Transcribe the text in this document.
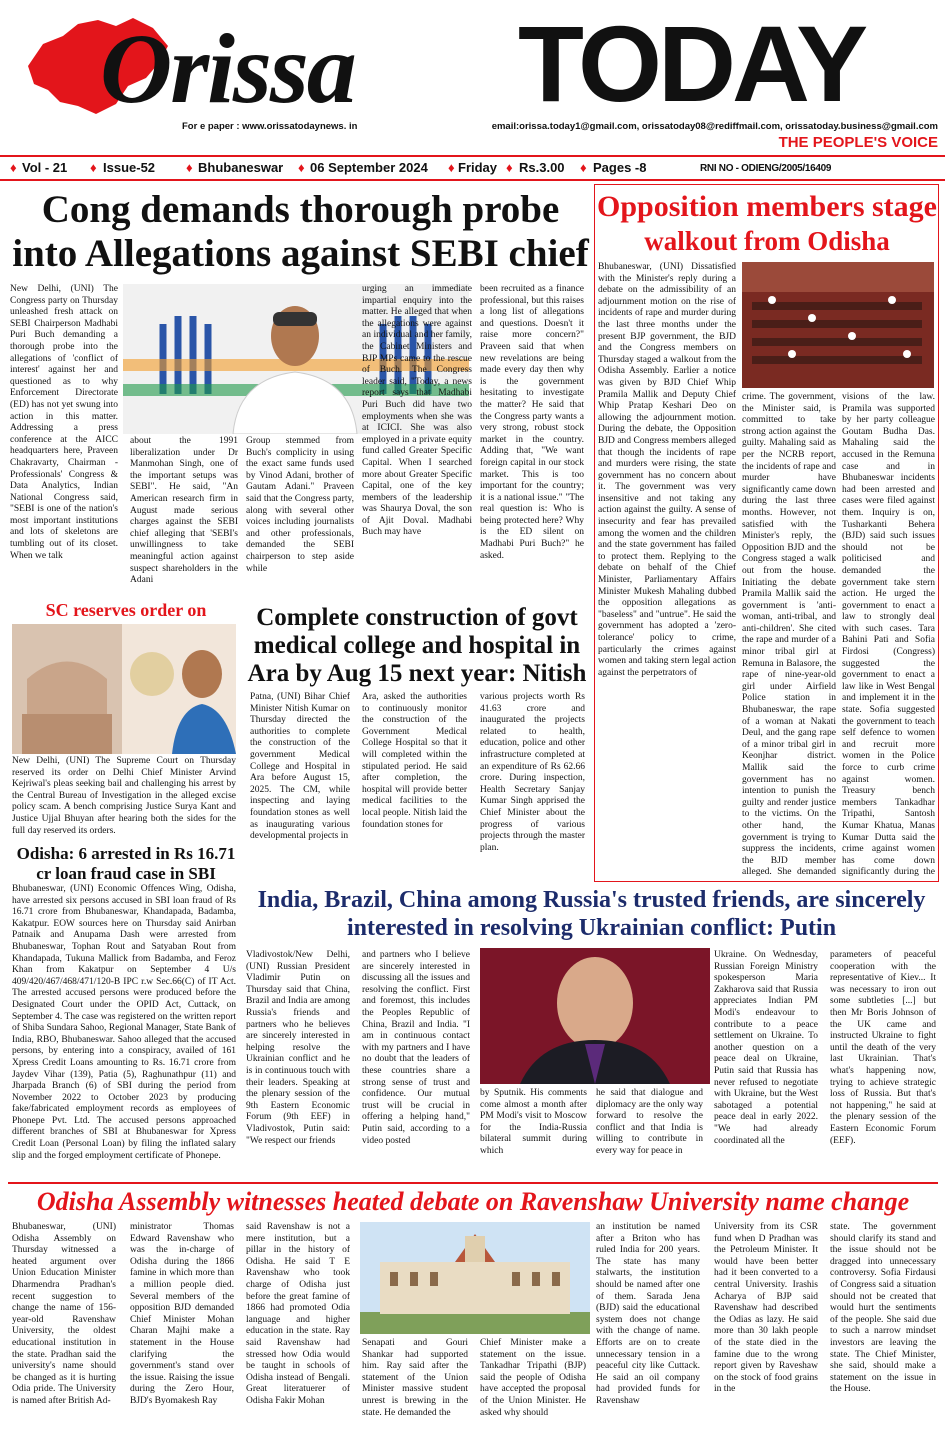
Orissa	TODAY
For e paper : www.orissatodaynews. in	email:orissa.today1@gmail.com, orissatoday08@rediffmail.com, orissatoday.business@gmail.com
THE PEOPLE'S VOICE
♦ Vol - 21 ♦ Issue-52 ♦ Bhubaneswar ♦ 06 September 2024 ♦ Friday ♦ Rs.3.00 ♦ Pages -8	RNI NO - ODIENG/2005/16409
Cong demands thorough probe into Allegations against SEBI chief
New Delhi, (UNI) The Congress party on Thursday unleashed fresh attack on SEBI Chairperson Madhabi Puri Buch demanding a thorough probe into the allegations of 'conflict of interest' against her and questioned as to why Enforcement Directorate (ED) has not yet swung into action in this matter. Addressing a press conference at the AICC headquarters here, Praveen Chakravarty, Chairman - Professionals' Congress & Data Analytics, Indian National Congress said, "SEBI is one of the nation's most important institutions and lots of skeletons are tumbling out of its closet. When we talk
about the 1991 liberalization under Dr Manmohan Singh, one of the important setups was SEBI". He said, "An American research firm in August made serious charges against the SEBI chief alleging that 'SEBI's unwillingness to take meaningful action against suspect shareholders in the Adani
Group stemmed from Buch's complicity in using the exact same funds used by Vinod Adani, brother of Gautam Adani." Praveen said that the Congress party, along with several other voices including journalists and other professionals, demanded the SEBI chairperson to step aside while
urging an immediate impartial enquiry into the matter. He alleged that when the allegations were against an individual and her family, the Cabinet Ministers and BJP MPs came to the rescue of Buch. The Congress leader said, "Today, a news report says that Madhabi Puri Buch did have two employments when she was at ICICI. She was also employed in a private equity fund called Greater Specific Capital. When I searched more about Greater Specific Capital, one of the key members of the leadership was Shaurya Doval, the son of Ajit Doval. Madhabi Buch may have
been recruited as a finance professional, but this raises a long list of allegations and questions. Doesn't it raise more concern?" Praveen said that when new revelations are being made every day then why is the government hesitating to investigate the matter? He said that the Congress party wants a very strong, robust stock market in the country. Adding that, "We want foreign capital in our stock market. This is too important for the country; it is a national issue." "The real question is: Who is being protected here? Why is the ED silent on Madhabi Puri Buch?" he asked.
Opposition members stage
walkout from Odisha
Bhubaneswar, (UNI) Dissatisfied with the Minister's reply during a debate on the admissibility of an adjournment motion on the rise of incidents of rape and murder during the last three months under the present BJP government, the BJD and the Congress members on Thursday staged a walkout from the Odisha Assembly. Earlier a notice was given by BJD Chief Whip Pramila Mallik and Deputy Chief Whip Pratap Keshari Deo on allowing the adjournment motion. During the debate, the Opposition BJD and Congress members alleged that though the incidents of rape and murders were rising, the state government has no concern about it. The government was very insensitive and not taking any action against the guilty. A sense of insecurity and fear has prevailed among the women and the children and the state government has failed to protect them. Replying to the debate on behalf of the Chief Minister, Parliamentary Affairs Minister Mukesh Mahaling dubbed the opposition allegations as "baseless" and "untrue". He said the government has adopted a 'zero-tolerance' policy to crime, particularly the crimes against women and taking stern legal action against the perpetrators of
crime. The government, the Minister said, is committed to take strong action against the guilty. Mahaling said as per the NCRB report, the incidents of rape and murder have significantly came down during the last three months. However, not satisfied with the Minister's reply, the Opposition BJD and the Congress staged a walk out from the house. Initiating the debate Pramila Mallik said the government is 'anti-woman, anti-tribal, and anti-children'. She cited the rape and murder of a minor tribal girl at Remuna in Balasore, the rape of nine-year-old girl under Airfield Police station in Bhubaneswar, the rape of a woman at Nakati Deul, and the gang rape of a minor tribal girl in Keonjhar district. Mallik said the government has no intention to punish the guilty and render justice to the victims. On the other hand, the government is trying to suppress the incidents, the BJD member alleged. She demanded
visions of the law. Pramila was supported by her party colleague Goutam Budha Das. Mahaling said the accused in the Remuna case and in Bhubaneswar incidents had been arrested and cases were filed against them. Inquiry is on, Tusharkanti Behera (BJD) said such issues should not be politicised and demanded the government take stern action. He urged the government to enact a law to strongly deal with such cases. Tara Bahini Pati and Sofia Firdosi (Congress) suggested the government to enact a law like in West Bengal and implement it in the state. Sofia suggested the government to teach self defence to women and recruit more women in the Police force to curb crime against women. Treasury bench members Tankadhar Tripathi, Santosh Kumar Khatua, Manas Kumar Dutta said the crime against women has come down significantly during the
SC reserves order on
New Delhi, (UNI) The Supreme Court on Thursday reserved its order on Delhi Chief Minister Arvind Kejriwal's pleas seeking bail and challenging his arrest by the Central Bureau of Investigation in the alleged excise policy scam. A bench comprising Justice Surya Kant and Justice Ujjal Bhuyan after hearing both the sides for the full day reserved its orders.
Odisha: 6 arrested in Rs 16.71 cr loan fraud case in SBI
Bhubaneswar, (UNI) Economic Offences Wing, Odisha, have arrested six persons accused in SBI loan fraud of Rs 16.71 crore from Bhubaneswar, Khandapada, Badamba, Kakatpur. EOW sources here on Thursday said Anirban Patnaik and Anupama Dash were arrested from Bhubaneswar, Tophan Rout and Satyaban Rout from Khandapada, Tukuna Mallick from Badamba, and Feroz Khan from Kakatpur on September 4 U/s 409/420/467/468/471/120-B IPC r.w Sec.66(C) of IT Act. The arrested accused persons were produced before the Designated Court under the OPID Act, Cuttack, on September 4. The case was registered on the written report of Shiba Sundara Sahoo, Regional Manager, State Bank of India, RBO, Bhubaneswar. Sahoo alleged that the accused persons, by entering into a conspiracy, availed of 161 Xpress Credit Loans amounting to Rs. 16.71 crore from Jaydev Vihar (139), Patia (5), Raghunathpur (11) and Jharpada Branch (6) of SBI during the period from November 2022 to October 2023 by producing fake/fabricated employment records as employees of Phonepe Pvt. Ltd. The accused persons approached different branches of SBI at Bhubaneswar for Xpress Credit Loan (Personal Loan) by filing the inflated salary slip and the forged employment certificate of Phonepe.
Complete construction of govt medical college and hospital in Ara by Aug 15 next year: Nitish
Patna, (UNI) Bihar Chief Minister Nitish Kumar on Thursday directed the authorities to complete the construction of the government Medical College and Hospital in Ara before August 15, 2025. The CM, while inspecting and laying foundation stones as well as inaugurating various developmental projects in
Ara, asked the authorities to continuously monitor the construction of the Government Medical College Hospital so that it will completed within the stipulated period. He said after completion, the hospital will provide better medical facilities to the local people. Nitish laid the foundation stones for
various projects worth Rs 41.63 crore and inaugurated the projects related to health, education, police and other infrastructure completed at an expenditure of Rs 62.66 crore. During inspection, Health Secretary Sanjay Kumar Singh apprised the Chief Minister about the progress of various projects through the master plan.
India, Brazil, China among Russia's trusted friends, are sincerely interested in resolving Ukrainian conflict: Putin
Vladivostok/New Delhi, (UNI) Russian President Vladimir Putin on Thursday said that China, Brazil and India are among Russia's friends and partners who he believes are sincerely interested in helping resolve the Ukrainian conflict and he is in continuous touch with their leaders. Speaking at the plenary session of the 9th Eastern Economic Forum (9th EEF) in Vladivostok, Putin said: "We respect our friends
and partners who I believe are sincerely interested in discussing all the issues and resolving the conflict. First and foremost, this includes the Peoples Republic of China, Brazil and India. "I am in continuous contact with my partners and I have no doubt that the leaders of these countries share a strong sense of trust and confidence. Our mutual trust will be crucial in offering a helping hand," Putin said, according to a video posted
by Sputnik. His comments come almost a month after PM Modi's visit to Moscow for the India-Russia bilateral summit during which
he said that dialogue and diplomacy are the only way forward to resolve the conflict and that India is willing to contribute in every way for peace in
Ukraine. On Wednesday, Russian Foreign Ministry spokesperson Maria Zakharova said that Russia appreciates Indian PM Modi's endeavour to contribute to a peace settlement on Ukraine. To another question on a peace deal on Ukraine, Putin said that Russia has never refused to negotiate with Ukraine, but the West sabotaged a potential peace deal in early 2022. "We had already coordinated all the
parameters of peaceful cooperation with the representative of Kiev... It was necessary to iron out some subtleties [...] but then Mr Boris Johnson of the UK came and instructed Ukraine to fight until the death of the very last Ukrainian. That's what's happening now, trying to achieve strategic loss of Russia. But that's not happening," he said at the plenary session of the Eastern Economic Forum (EEF).
Odisha Assembly witnesses heated debate on Ravenshaw University name change
Bhubaneswar, (UNI) Odisha Assembly on Thursday witnessed a heated argument over Union Education Minister Dharmendra Pradhan's recent suggestion to change the name of 156-year-old Ravenshaw University, the oldest educational institution in the state. Pradhan said the university's name should be changed as it is hurting Odia pride. The University is named after British Ad-
ministrator Thomas Edward Ravenshaw who was the in-charge of Odisha during the 1866 famine in which more than a million people died. Several members of the opposition BJD demanded Chief Minister Mohan Charan Majhi make a statement in the House clarifying the government's stand over the issue. Raising the issue during the Zero Hour, BJD's Byomakesh Ray
said Ravenshaw is not a mere institution, but a pillar in the history of Odisha. He said T E Ravenshaw who took charge of Odisha just before the great famine of 1866 had promoted Odia language and higher education in the state. Ray said Ravenshaw had stressed how Odia would be taught in schools of Odisha instead of Bengali. Great literatuerer of Odisha Fakir Mohan
Senapati and Gouri Shankar had supported him. Ray said after the statement of the Union Minister massive student unrest is brewing in the state. He demanded the
Chief Minister make a statement on the issue. Tankadhar Tripathi (BJP) said the people of Odisha have accepted the proposal of the Union Minister. He asked why should
an institution be named after a Briton who has ruled India for 200 years. The state has many stalwarts, the institution should be named after one of them. Sarada Jena (BJD) said the educational system does not change with the change of name. Efforts are on to create unnecessary tension in a peaceful city like Cuttack. He said an oil company had provided funds for Ravenshaw
University from its CSR fund when D Pradhan was the Petroleum Minister. It would have been better had it been converted to a central University. Irashis Acharya of BJP said Ravenshaw had described the Odias as lazy. He said more than 30 lakh people of the state died in the famine due to the wrong report given by Raveshaw on the stock of food grains in the
state. The government should clarify its stand and the issue should not be dragged into unnecessary controversy. Sofia Firdausi of Congress said a situation should not be created that would hurt the sentiments of the people. She said due to such a narrow mindset investors are leaving the state. The Chief Minister, she said, should make a statement on the issue in the House.
